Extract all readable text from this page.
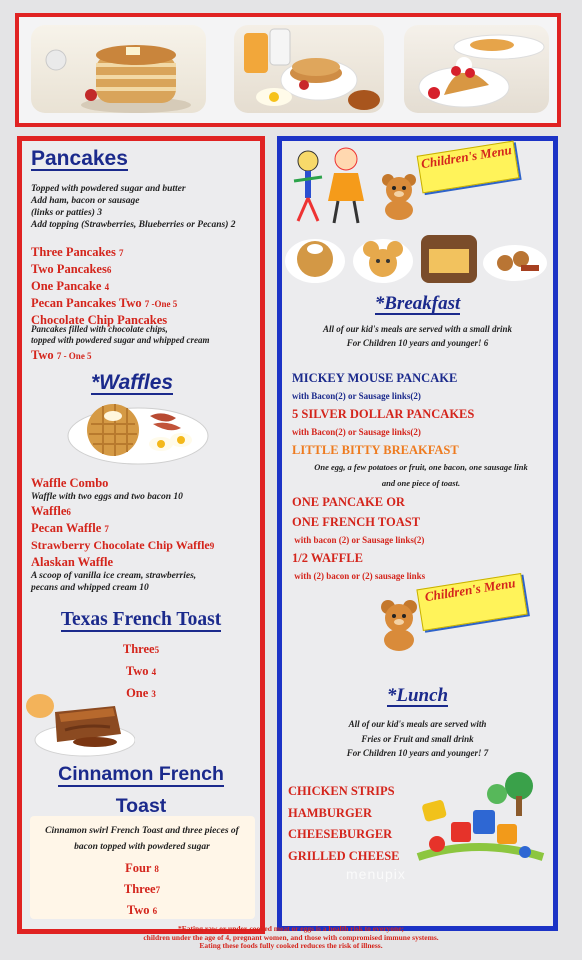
Pancakes
Topped with powdered sugar and butter
Add ham, bacon or sausage
(links or patties) 3
Add topping (Strawberries, Blueberries or Pecans) 2
Three Pancakes 7
Two Pancakes6
One Pancake 4
Pecan Pancakes Two 7 -One 5
Chocolate Chip Pancakes
Pancakes filled with chocolate chips,
topped with powdered sugar and whipped cream
Two 7 - One 5
*Waffles
Waffle Combo
Waffle with two eggs and two bacon 10
Waffle6
Pecan Waffle 7
Strawberry Chocolate Chip Waffle9
Alaskan Waffle
A scoop of vanilla ice cream, strawberries,
pecans and whipped cream 10
Texas French Toast
Three5
Two 4
One 3
Cinnamon French
Toast
Cinnamon swirl French Toast and three pieces of
bacon topped with powdered sugar
Four 8
Three7
Two 6
Children's Menu
*Breakfast
All of our kid's meals are served with a small drink
For Children 10 years and younger! 6
MICKEY MOUSE PANCAKE
with Bacon(2) or Sausage links(2)
5 SILVER DOLLAR PANCAKES
with Bacon(2) or Sausage links(2)
LITTLE BITTY BREAKFAST
One egg, a few potatoes or fruit, one bacon, one sausage link
and one piece of toast.
ONE PANCAKE OR
ONE FRENCH TOAST
with bacon (2) or Sausage links(2)
1/2 WAFFLE
with (2) bacon or (2) sausage links
Children's Menu
*Lunch
All of our kid's meals are served with
Fries or Fruit and small drink
For Children 10 years and younger! 7
CHICKEN STRIPS
HAMBURGER
CHEESEBURGER
GRILLED CHEESE
menupix
*Eating raw or under-cooked meat or eggs is a health risk to everyone;
children under the age of 4, pregnant women, and those with compromised immune systems.
Eating these foods fully cooked reduces the risk of illness.
